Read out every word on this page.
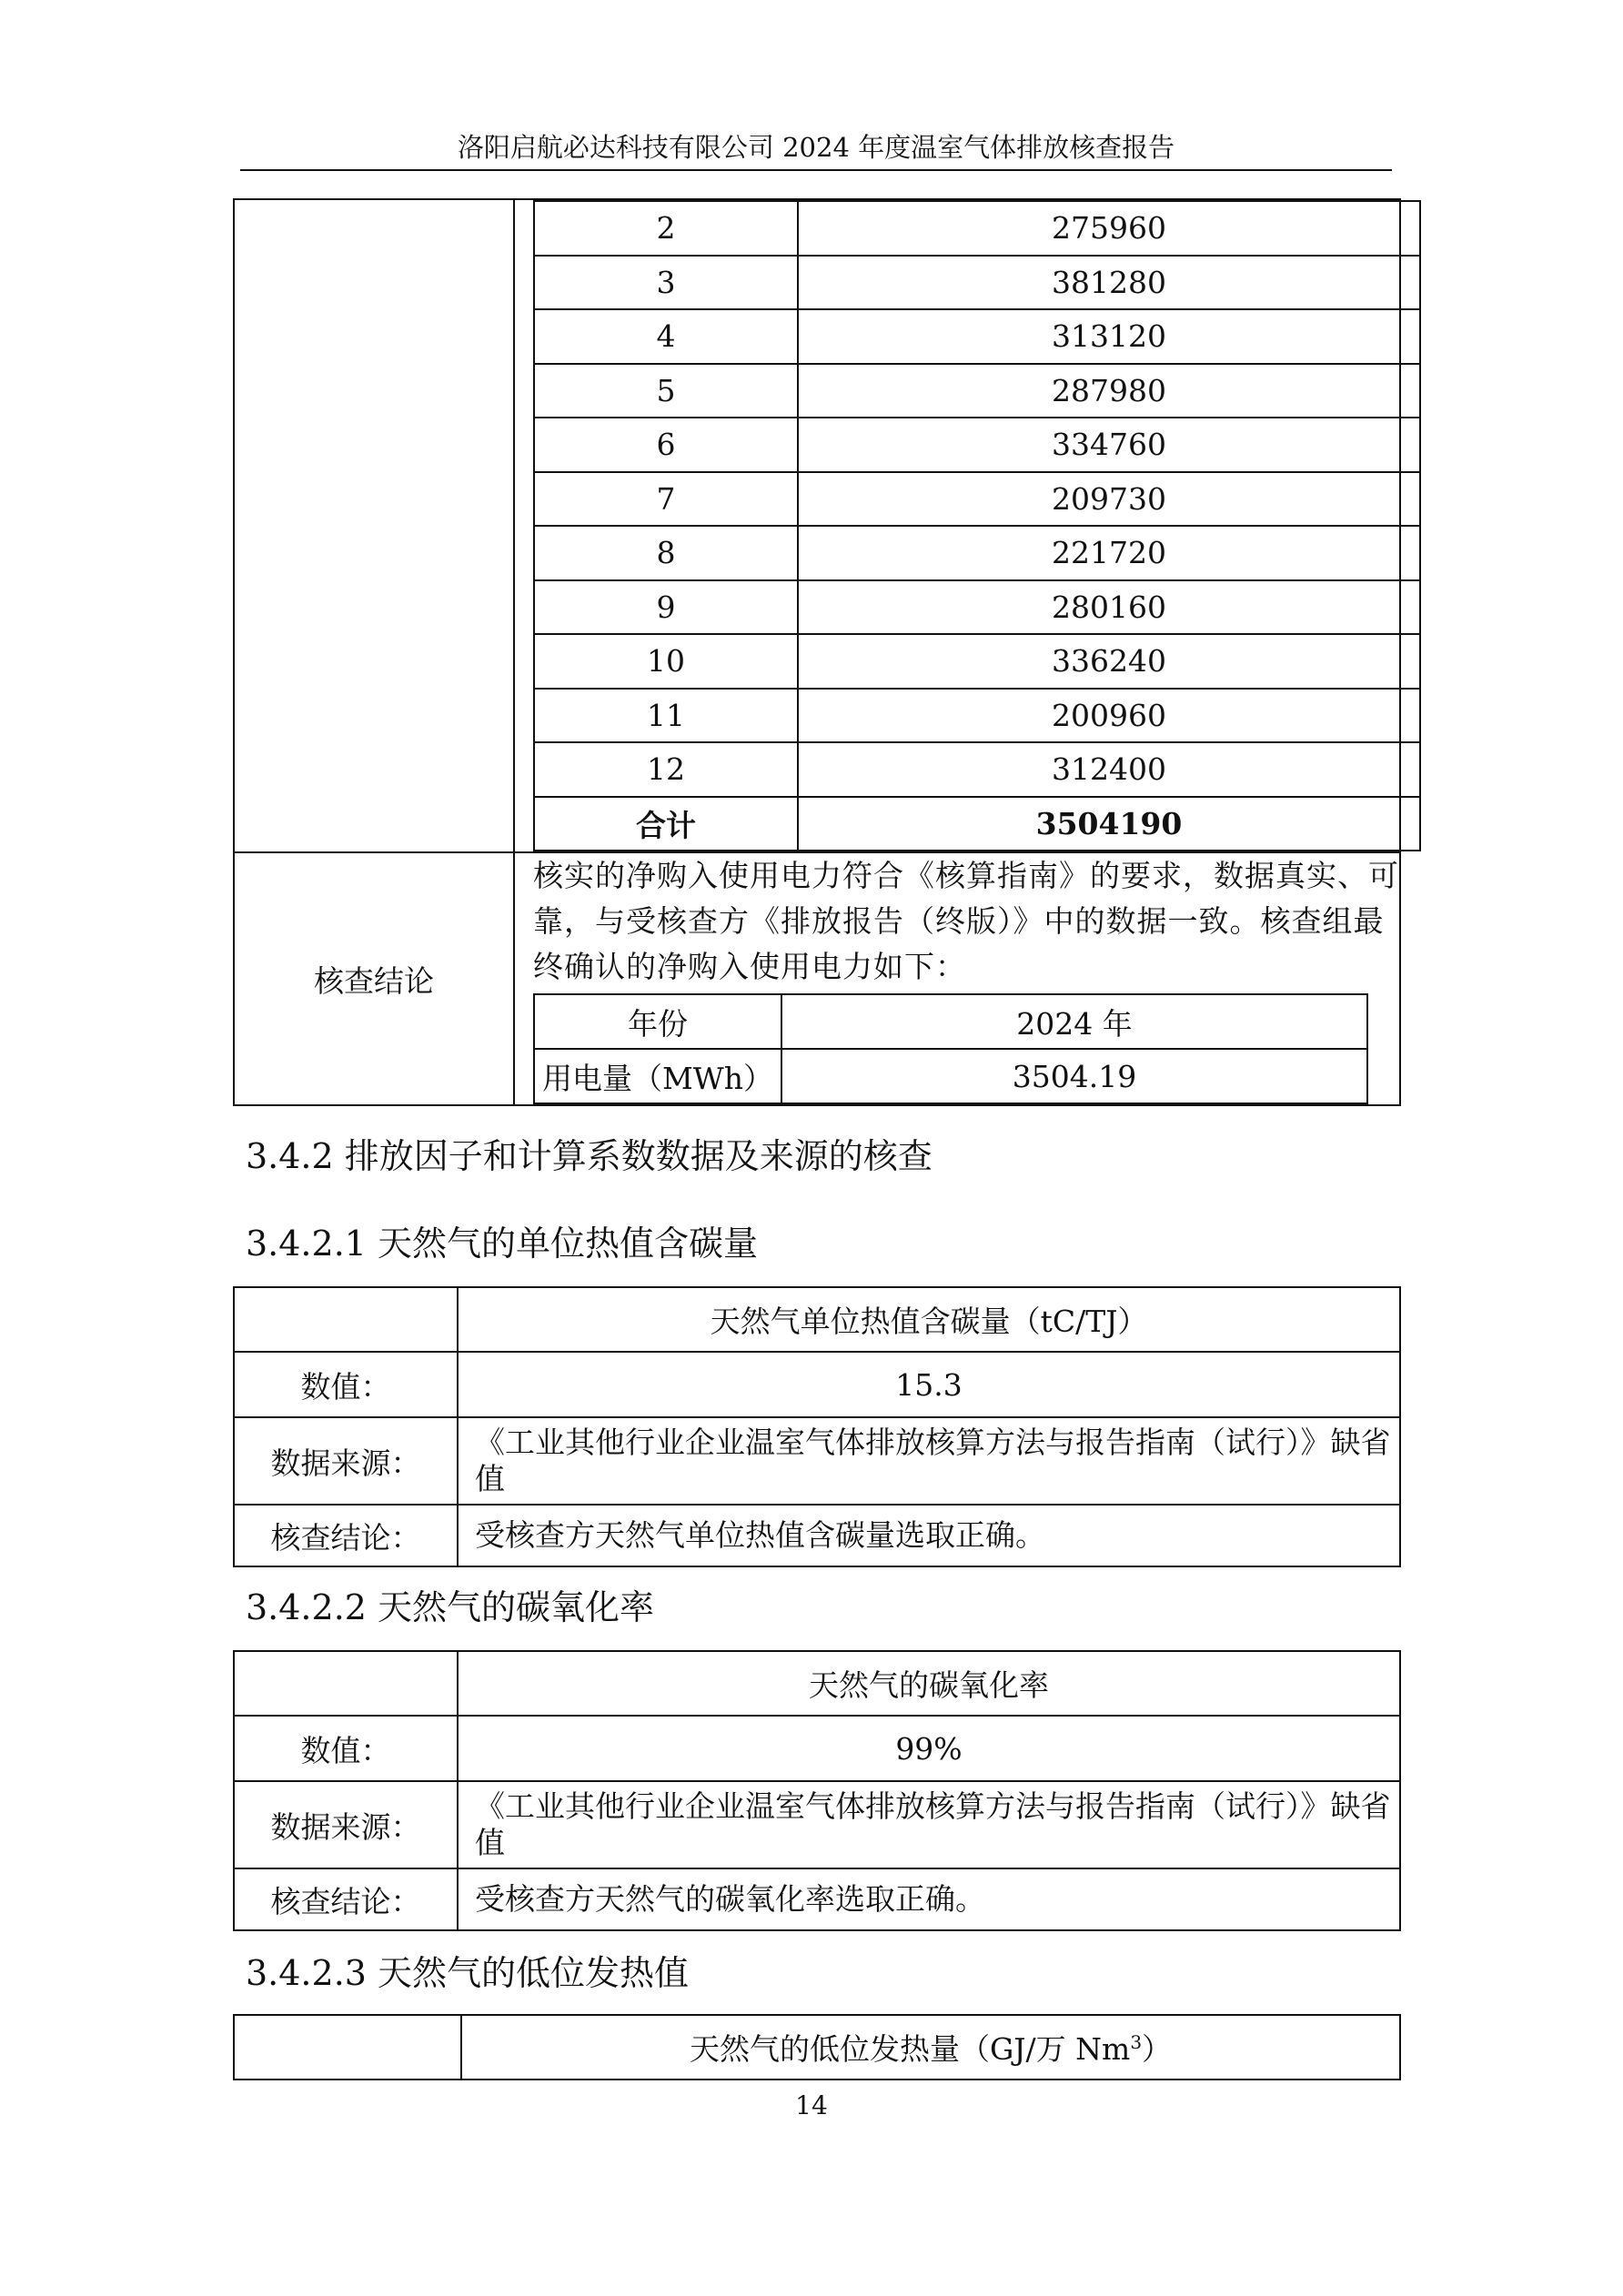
洛阳启航必达科技有限公司 2024 年度温室气体排放核查报告

2	275960
3	381280
4	313120
5	287980
6	334760
7	209730
8	221720
9	280160
10	336240
11	200960
12	312400
合计	3504190

核查结论	
核实的净购入使用电力符合《核算指南》的要求，数据真实、可靠，与受核查方《排放报告（终版）》中的数据一致。核查组最终确认的净购入使用电力如下：
年份	2024 年
用电量（MWh）	3504.19
3.4.2 排放因子和计算系数数据及来源的核查
3.4.2.1 天然气的单位热值含碳量
	天然气单位热值含碳量（tC/TJ）
数值：	15.3
数据来源：	《工业其他行业企业温室气体排放核算方法与报告指南（试行）》缺省值
核查结论：	受核查方天然气单位热值含碳量选取正确。
3.4.2.2 天然气的碳氧化率
	天然气的碳氧化率
数值：	99%
数据来源：	《工业其他行业企业温室气体排放核算方法与报告指南（试行）》缺省值
核查结论：	受核查方天然气的碳氧化率选取正确。
3.4.2.3 天然气的低位发热值
	天然气的低位发热量（GJ/万 Nm$^3$）
14
